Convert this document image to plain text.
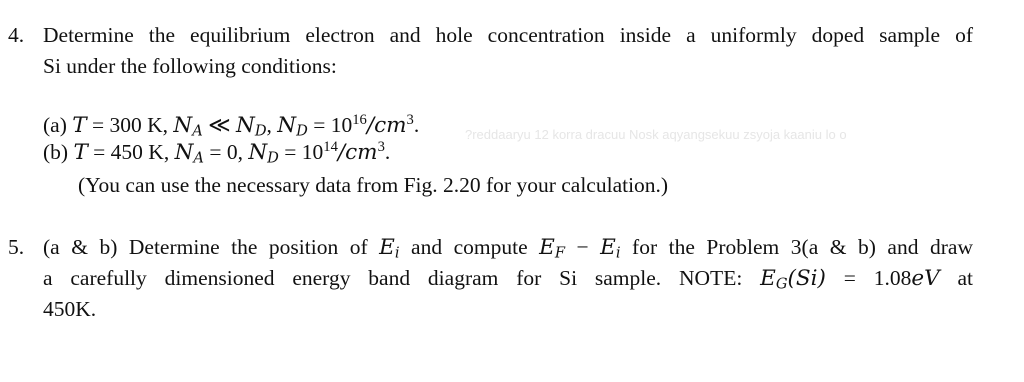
?reddaaryu 12 korra dracuu Nosk aqyangsekuu zsyoja kaaniu lo o
4. Determine the equilibrium electron and hole concentration inside a uniformly doped sample of
Si under the following conditions:
(a) T = 300 K, $N_A$ ≪ $N_D$, $N_D = 10^{16}/cm^3$.
(b) T = 450 K, $N_A = 0$, $N_D = 10^{14}/cm^3$.
(You can use the necessary data from Fig. 2.20 for your calculation.)
5. (a & b) Determine the position of $E_i$ and compute $E_F - E_i$ for the Problem 3(a & b) and draw
a carefully dimensioned energy band diagram for Si sample. NOTE: $E_G(Si) = 1.08eV$ at
450K.
